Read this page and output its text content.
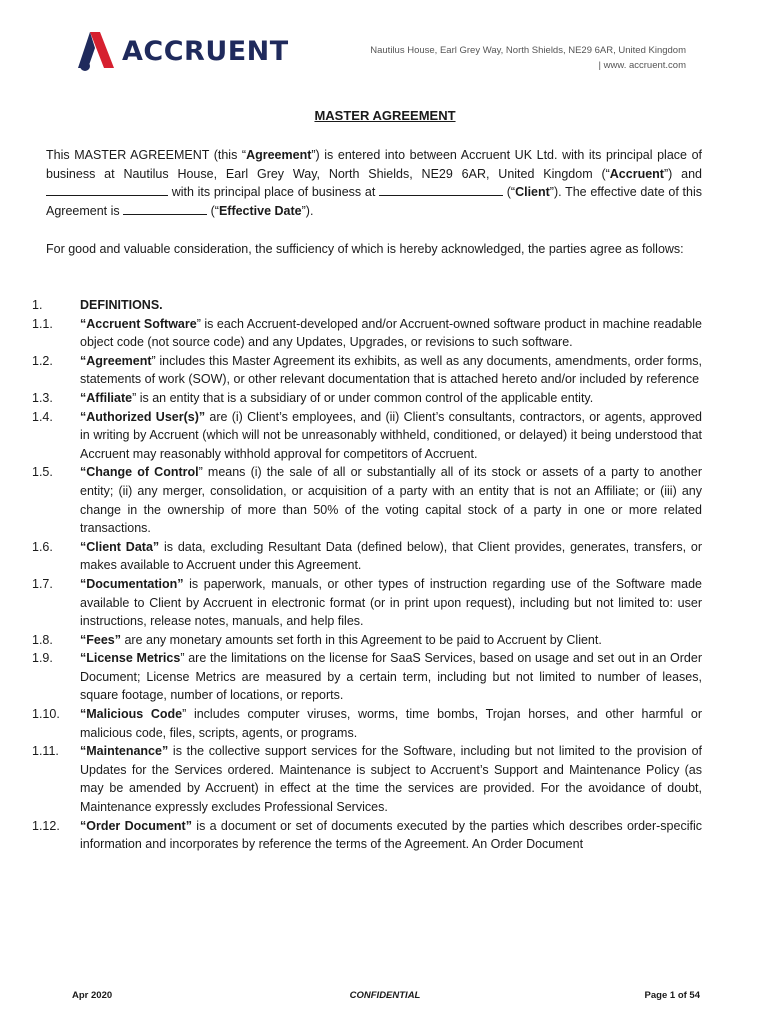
ACCRUENT	Nautilus House, Earl Grey Way, North Shields, NE29 6AR, United Kingdom
| www. accruent.com
MASTER AGREEMENT
This MASTER AGREEMENT (this “Agreement”) is entered into between Accruent UK Ltd. with its principal place of business at Nautilus House, Earl Grey Way, North Shields, NE29 6AR, United Kingdom (“Accruent”) and  with its principal place of business at	(“Client”). The effective date of this Agreement is	(“Effective Date”).
For good and valuable consideration, the sufficiency of which is hereby acknowledged, the parties agree as follows:
1.	DEFINITIONS.
1.1.	“Accruent Software” is each Accruent-developed and/or Accruent-owned software product in machine readable object code (not source code) and any Updates, Upgrades, or revisions to such software.
1.2.	“Agreement” includes this Master Agreement its exhibits, as well as any documents, amendments, order forms, statements of work (SOW), or other relevant documentation that is attached hereto and/or included by reference
1.3.	“Affiliate” is an entity that is a subsidiary of or under common control of the applicable entity.
1.4.	“Authorized User(s)” are (i) Client’s employees, and (ii) Client’s consultants, contractors, or agents, approved in writing by Accruent (which will not be unreasonably withheld, conditioned, or delayed) it being understood that Accruent may reasonably withhold approval for competitors of Accruent.
1.5.	“Change of Control” means (i) the sale of all or substantially all of its stock or assets of a party to another entity; (ii) any merger, consolidation, or acquisition of a party with an entity that is not an Affiliate; or (iii) any change in the ownership of more than 50% of the voting capital stock of a party in one or more related transactions.
1.6.	“Client Data” is data, excluding Resultant Data (defined below), that Client provides, generates, transfers, or makes available to Accruent under this Agreement.
1.7.	“Documentation” is paperwork, manuals, or other types of instruction regarding use of the Software made available to Client by Accruent in electronic format (or in print upon request), including but not limited to: user instructions, release notes, manuals, and help files.
1.8.	“Fees” are any monetary amounts set forth in this Agreement to be paid to Accruent by Client.
1.9.	“License Metrics” are the limitations on the license for SaaS Services, based on usage and set out in an Order Document; License Metrics are measured by a certain term, including but not limited to number of leases, square footage, number of locations, or reports.
1.10.	“Malicious Code” includes computer viruses, worms, time bombs, Trojan horses, and other harmful or malicious code, files, scripts, agents, or programs.
1.11.	“Maintenance” is the collective support services for the Software, including but not limited to the provision of Updates for the Services ordered. Maintenance is subject to Accruent’s Support and Maintenance Policy (as may be amended by Accruent) in effect at the time the services are provided. For the avoidance of doubt, Maintenance expressly excludes Professional Services.
1.12.	“Order Document” is a document or set of documents executed by the parties which describes order-specific information and incorporates by reference the terms of the Agreement. An Order Document
Apr 2020	CONFIDENTIAL	Page 1 of 54
